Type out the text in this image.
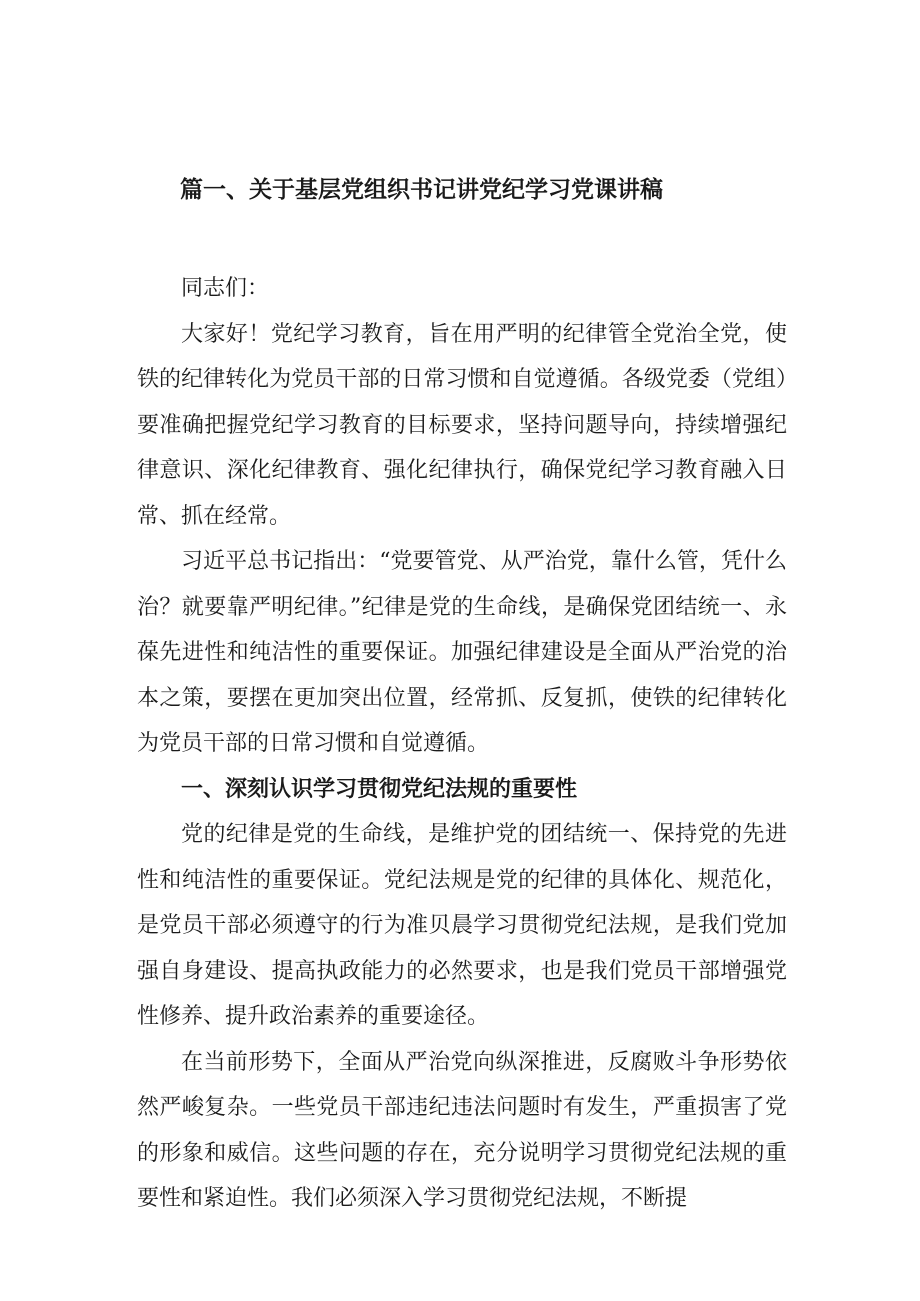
篇一、关于基层党组织书记讲党纪学习党课讲稿

同志们：

大家好！党纪学习教育，旨在用严明的纪律管全党治全党，使铁的纪律转化为党员干部的日常习惯和自觉遵循。各级党委（党组）要准确把握党纪学习教育的目标要求，坚持问题导向，持续增强纪律意识、深化纪律教育、强化纪律执行，确保党纪学习教育融入日常、抓在经常。

习近平总书记指出：“党要管党、从严治党，靠什么管，凭什么治？就要靠严明纪律。”纪律是党的生命线，是确保党团结统一、永葆先进性和纯洁性的重要保证。加强纪律建设是全面从严治党的治本之策，要摆在更加突出位置，经常抓、反复抓，使铁的纪律转化为党员干部的日常习惯和自觉遵循。

一、深刻认识学习贯彻党纪法规的重要性

党的纪律是党的生命线，是维护党的团结统一、保持党的先进性和纯洁性的重要保证。党纪法规是党的纪律的具体化、规范化，是党员干部必须遵守的行为准贝晨学习贯彻党纪法规，是我们党加强自身建设、提高执政能力的必然要求，也是我们党员干部增强党性修养、提升政治素养的重要途径。

在当前形势下，全面从严治党向纵深推进，反腐败斗争形势依然严峻复杂。一些党员干部违纪违法问题时有发生，严重损害了党的形象和威信。这些问题的存在，充分说明学习贯彻党纪法规的重要性和紧迫性。我们必须深入学习贯彻党纪法规，不断提
